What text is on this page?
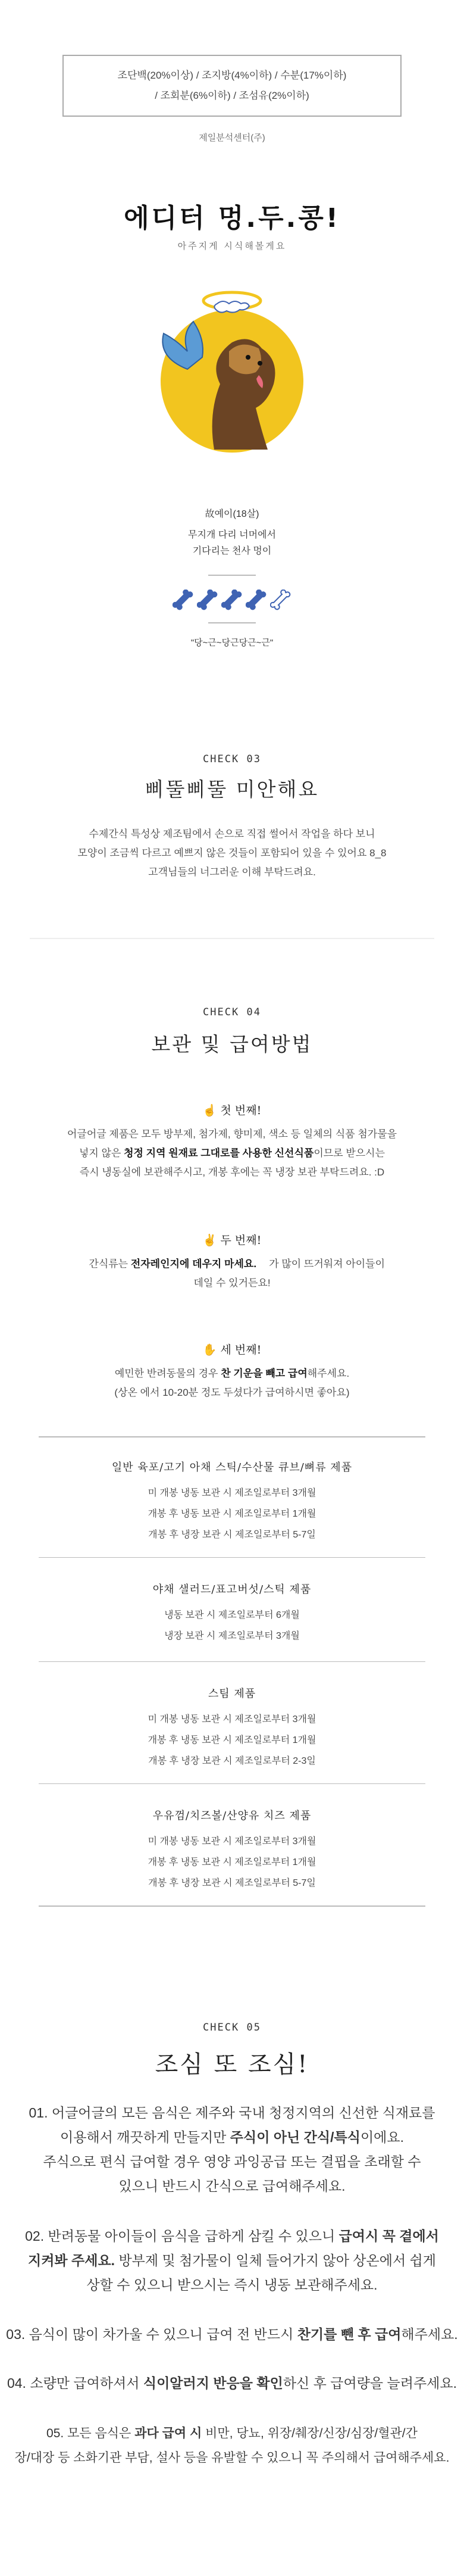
조단백(20%이상) / 조지방(4%이하) / 수분(17%이하)
/ 조회분(6%이하) / 조섬유(2%이하)
제일분석센터(주)
에디터 멍.두.콩!
아주지게 시식해볼게요
故예이(18살)
무지개 다리 너머에서
기다리는 천사 멍이
"당~근~당근당근~근"
CHECK 03
삐뚤삐뚤 미안해요
수제간식 특성상 제조팀에서 손으로 직접 썰어서 작업을 하다 보니
모양이 조금씩 다르고 예쁘지 않은 것들이 포함되어 있을 수 있어요 8_8
고객님들의 너그러운 이해 부탁드려요.
CHECK 04
보관 및 급여방법
☝ 첫 번째!
어글어글 제품은 모두 방부제, 첨가제, 향미제, 색소 등 일체의 식품 첨가물을
넣지 않은 청정 지역 원재료 그대로를 사용한 신선식품이므로 받으시는
즉시 냉동실에 보관해주시고, 개봉 후에는 꼭 냉장 보관 부탁드려요. :D
✌ 두 번째!
ㅤ간식류는 전자레인지에 데우지 마세요. ㅤ가 많이 뜨거워져 아이들이
데일 수 있거든요!
✋ 세 번째!
예민한 반려동물의 경우 찬 기운을 빼고 급여해주세요.
(상온 에서 10-20분 정도 두셨다가 급여하시면 좋아요)
일반 육포/고기 아채 스틱/수산물 큐브/뼈류 제품
미 개봉 냉동 보관 시 제조일로부터 3개월
개봉 후 냉동 보관 시 제조일로부터 1개월
개봉 후 냉장 보관 시 제조일로부터 5-7일
야채 샐러드/표고버섯/스틱 제품
냉동 보관 시 제조일로부터 6개월
냉장 보관 시 제조일로부터 3개월
스팀 제품
미 개봉 냉동 보관 시 제조일로부터 3개월
개봉 후 냉동 보관 시 제조일로부터 1개월
개봉 후 냉장 보관 시 제조일로부터 2-3일
우유껌/치즈볼/산양유 치즈 제품
미 개봉 냉동 보관 시 제조일로부터 3개월
개봉 후 냉동 보관 시 제조일로부터 1개월
개봉 후 냉장 보관 시 제조일로부터 5-7일
CHECK 05
조심 또 조심!
01. 어글어글의 모든 음식은 제주와 국내 청정지역의 신선한 식재료를
이용해서 깨끗하게 만들지만 주식이 아닌 간식/특식이에요.
주식으로 편식 급여할 경우 영양 과잉공급 또는 결핍을 초래할 수
있으니 반드시 간식으로 급여해주세요.
02. 반려동물 아이들이 음식을 급하게 삼킬 수 있으니 급여시 꼭 곁에서
지켜봐 주세요. 방부제 및 첨가물이 일체 들어가지 않아 상온에서 쉽게
상할 수 있으니 받으시는 즉시 냉동 보관해주세요.
03. 음식이 많이 차가울 수 있으니 급여 전 반드시 찬기를 뺀 후 급여해주세요.
04. 소량만 급여하셔서 식이알러지 반응을 확인하신 후 급여량을 늘려주세요.
05. 모든 음식은 과다 급여 시 비만, 당뇨, 위장/췌장/신장/심장/혈관/간
장/대장 등 소화기관 부담, 설사 등을 유발할 수 있으니 꼭 주의해서 급여해주세요.
